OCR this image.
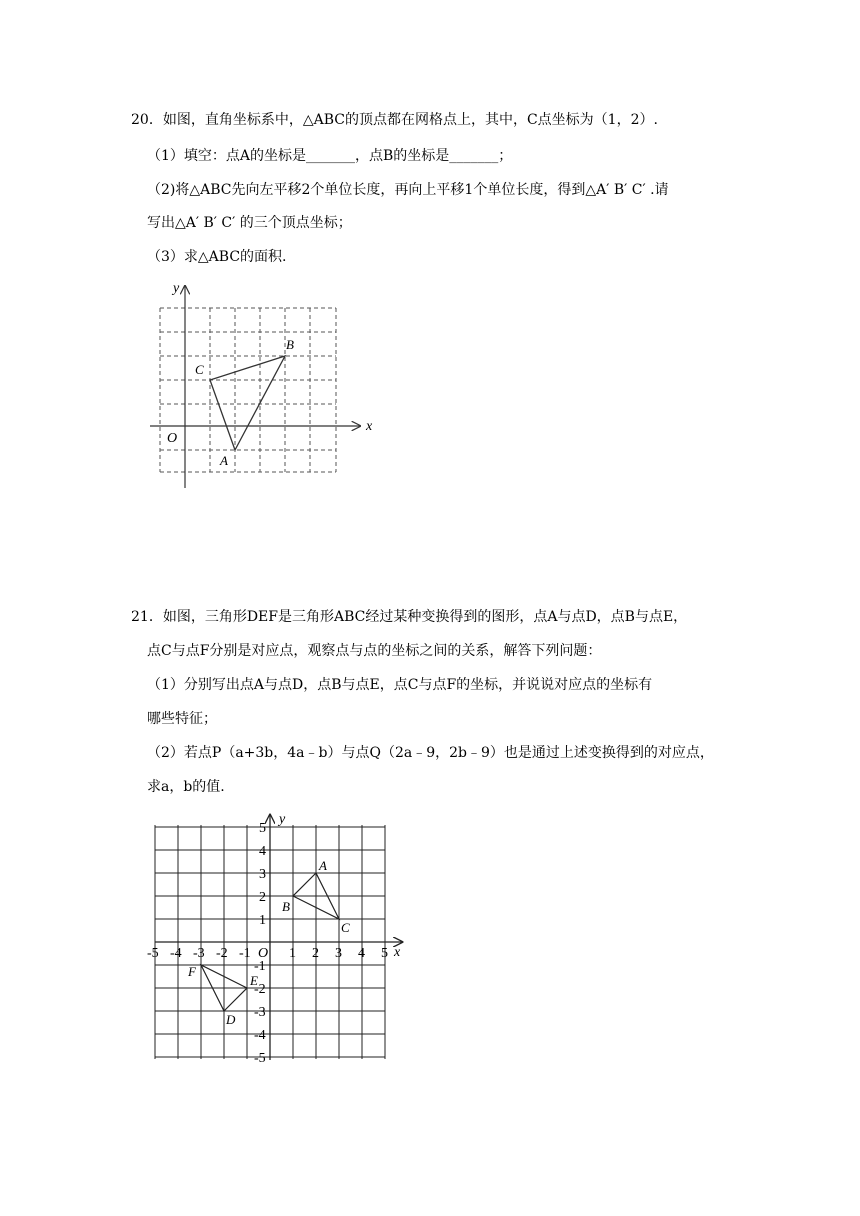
20．如图，直角坐标系中，△ABC的顶点都在网格点上，其中，C点坐标为（1，2）.
（1）填空：点A的坐标是_______，点B的坐标是_______；
（2)将△ABC先向左平移2个单位长度，再向上平移1个单位长度，得到△A′ B′ C′ .请
写出△A′ B′ C′ 的三个顶点坐标；
（3）求△ABC的面积.
x
y
O
A
B
C
21．如图，三角形DEF是三角形ABC经过某种变换得到的图形，点A与点D，点B与点E，
点C与点F分别是对应点，观察点与点的坐标之间的关系，解答下列问题：
（1）分别写出点A与点D，点B与点E，点C与点F的坐标，并说说对应点的坐标有
哪些特征；
（2）若点P（a+3b，4a﹣b）与点Q（2a﹣9，2b﹣9）也是通过上述变换得到的对应点，
求a，b的值.
-5 -4 -3 -2 -1	1 2 3 4 5
5
4
3
2
1
-1
-2
-3
-4
-5
x
y
O
A
B
C
D
E
F
